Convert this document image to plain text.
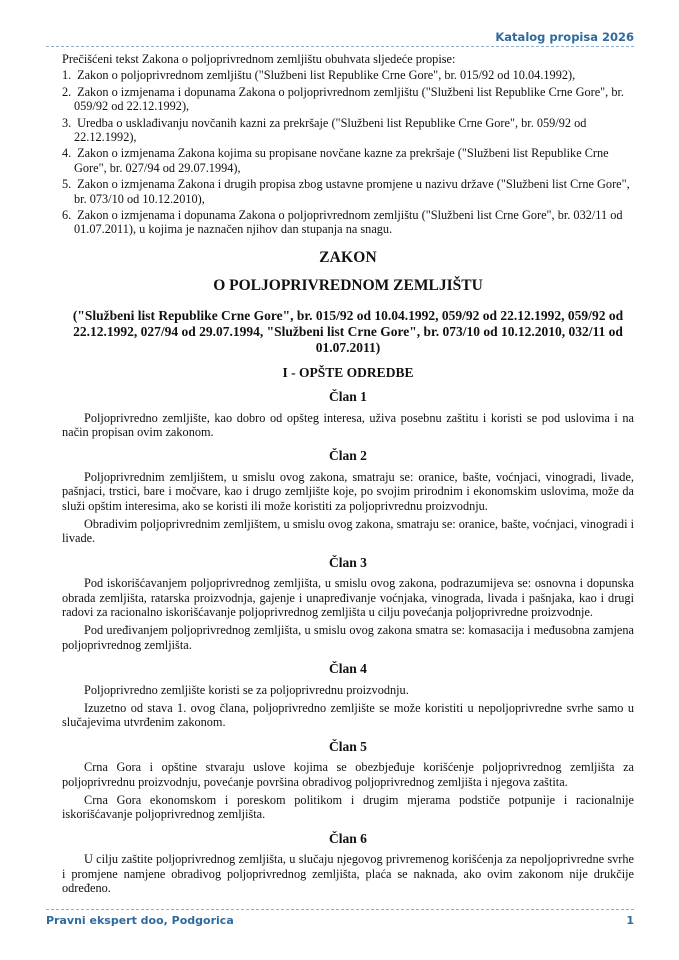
Katalog propisa 2026

Prečišćeni tekst Zakona o poljoprivrednom zemljištu obuhvata sljedeće propise:

1. Zakon o poljoprivrednom zemljištu ("Službeni list Republike Crne Gore", br. 015/92 od 10.04.1992),
2. Zakon o izmjenama i dopunama Zakona o poljoprivrednom zemljištu ("Službeni list Republike Crne Gore", br. 059/92 od 22.12.1992),
3. Uredba o usklađivanju novčanih kazni za prekršaje ("Službeni list Republike Crne Gore", br. 059/92 od 22.12.1992),
4. Zakon o izmjenama Zakona kojima su propisane novčane kazne za prekršaje ("Službeni list Republike Crne Gore", br. 027/94 od 29.07.1994),
5. Zakon o izmjenama Zakona i drugih propisa zbog ustavne promjene u nazivu države ("Službeni list Crne Gore", br. 073/10 od 10.12.2010),
6. Zakon o izmjenama i dopunama Zakona o poljoprivrednom zemljištu ("Službeni list Crne Gore", br. 032/11 od 01.07.2011), u kojima je naznačen njihov dan stupanja na snagu.
ZAKON
O POLJOPRIVREDNOM ZEMLJIŠTU
("Službeni list Republike Crne Gore", br. 015/92 od 10.04.1992, 059/92 od 22.12.1992, 059/92 od 22.12.1992, 027/94 od 29.07.1994, "Službeni list Crne Gore", br. 073/10 od 10.12.2010, 032/11 od 01.07.2011)
I - OPŠTE ODREDBE
Član 1

Poljoprivredno zemljište, kao dobro od opšteg interesa, uživa posebnu zaštitu i koristi se pod uslovima i na način propisan ovim zakonom.

Član 2

Poljoprivrednim zemljištem, u smislu ovog zakona, smatraju se: oranice, bašte, voćnjaci, vinogradi, livade, pašnjaci, trstici, bare i močvare, kao i drugo zemljište koje, po svojim prirodnim i ekonomskim uslovima, može da služi opštim interesima, ako se koristi ili može koristiti za poljoprivrednu proizvodnju.

Obradivim poljoprivrednim zemljištem, u smislu ovog zakona, smatraju se: oranice, bašte, voćnjaci, vinogradi i livade.

Član 3

Pod iskorišćavanjem poljoprivrednog zemljišta, u smislu ovog zakona, podrazumijeva se: osnovna i dopunska obrada zemljišta, ratarska proizvodnja, gajenje i unapređivanje voćnjaka, vinograda, livada i pašnjaka, kao i drugi radovi za racionalno iskorišćavanje poljoprivrednog zemljišta u cilju povećanja poljoprivredne proizvodnje.

Pod uređivanjem poljoprivrednog zemljišta, u smislu ovog zakona smatra se: komasacija i međusobna zamjena poljoprivrednog zemljišta.

Član 4

Poljoprivredno zemljište koristi se za poljoprivrednu proizvodnju.

Izuzetno od stava 1. ovog člana, poljoprivredno zemljište se može koristiti u nepoljoprivredne svrhe samo u slučajevima utvrđenim zakonom.

Član 5

Crna Gora i opštine stvaraju uslove kojima se obezbjeđuje korišćenje poljoprivrednog zemljišta za poljoprivrednu proizvodnju, povećanje površina obradivog poljoprivrednog zemljišta i njegova zaštita.

Crna Gora ekonomskom i poreskom politikom i drugim mjerama podstiče potpunije i racionalnije iskorišćavanje poljoprivrednog zemljišta.

Član 6

U cilju zaštite poljoprivrednog zemljišta, u slučaju njegovog privremenog korišćenja za nepoljoprivredne svrhe i promjene namjene obradivog poljoprivrednog zemljišta, plaća se naknada, ako ovim zakonom nije drukčije određeno.

Pravni ekspert doo, Podgorica	1
